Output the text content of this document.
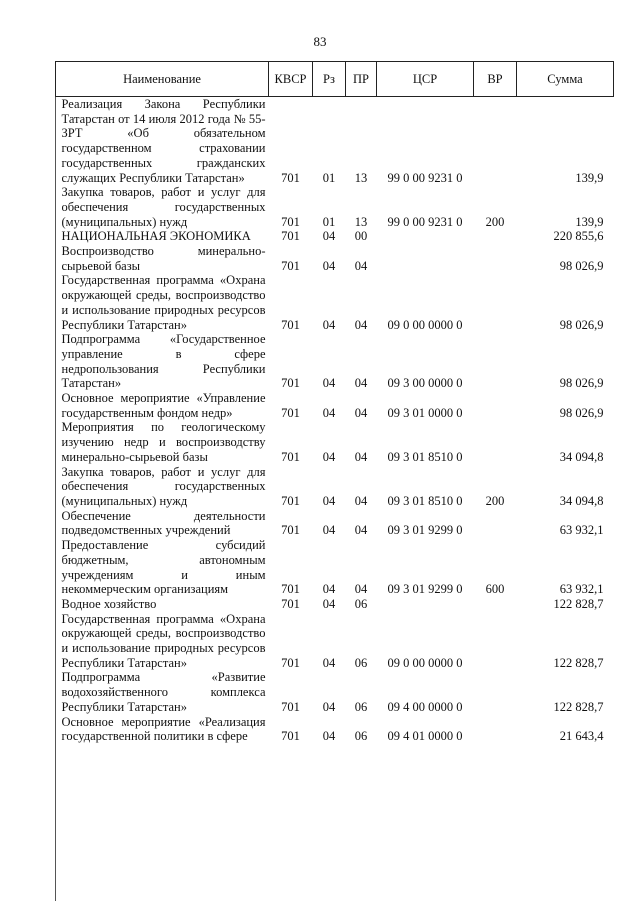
83
Наименование	КВСР	Рз	ПР	ЦСР	ВР	Сумма
Реализация Закона Республики Татарстан от 14 июля 2012 года № 55-ЗРТ «Об обязательном государственном страховании государственных гражданских служащих Республики Татарстан»	701	01	13	99 0 00 9231 0		139,9
Закупка товаров, работ и услуг для обеспечения государственных (муниципальных) нужд	701	01	13	99 0 00 9231 0	200	139,9
НАЦИОНАЛЬНАЯ ЭКОНОМИКА	701	04	00			220 855,6
Воспроизводство минерально-сырьевой базы	701	04	04			98 026,9
Государственная программа «Охрана окружающей среды, воспроизводство и использование природных ресурсов Республики Татарстан»	701	04	04	09 0 00 0000 0		98 026,9
Подпрограмма «Государственное управление в сфере недропользования Республики Татарстан»	701	04	04	09 3 00 0000 0		98 026,9
Основное мероприятие «Управление государственным фондом недр»	701	04	04	09 3 01 0000 0		98 026,9
Мероприятия по геологическому изучению недр и воспроизводству минерально-сырьевой базы	701	04	04	09 3 01 8510 0		34 094,8
Закупка товаров, работ и услуг для обеспечения государственных (муниципальных) нужд	701	04	04	09 3 01 8510 0	200	34 094,8
Обеспечение деятельности подведомственных учреждений	701	04	04	09 3 01 9299 0		63 932,1
Предоставление субсидий бюджетным, автономным учреждениям и иным некоммерческим организациям	701	04	04	09 3 01 9299 0	600	63 932,1
Водное хозяйство	701	04	06			122 828,7
Государственная программа «Охрана окружающей среды, воспроизводство и использование природных ресурсов Республики Татарстан»	701	04	06	09 0 00 0000 0		122 828,7
Подпрограмма «Развитие водохозяйственного комплекса Республики Татарстан»	701	04	06	09 4 00 0000 0		122 828,7
Основное мероприятие «Реализация государственной политики в сфере	701	04	06	09 4 01 0000 0		21 643,4
